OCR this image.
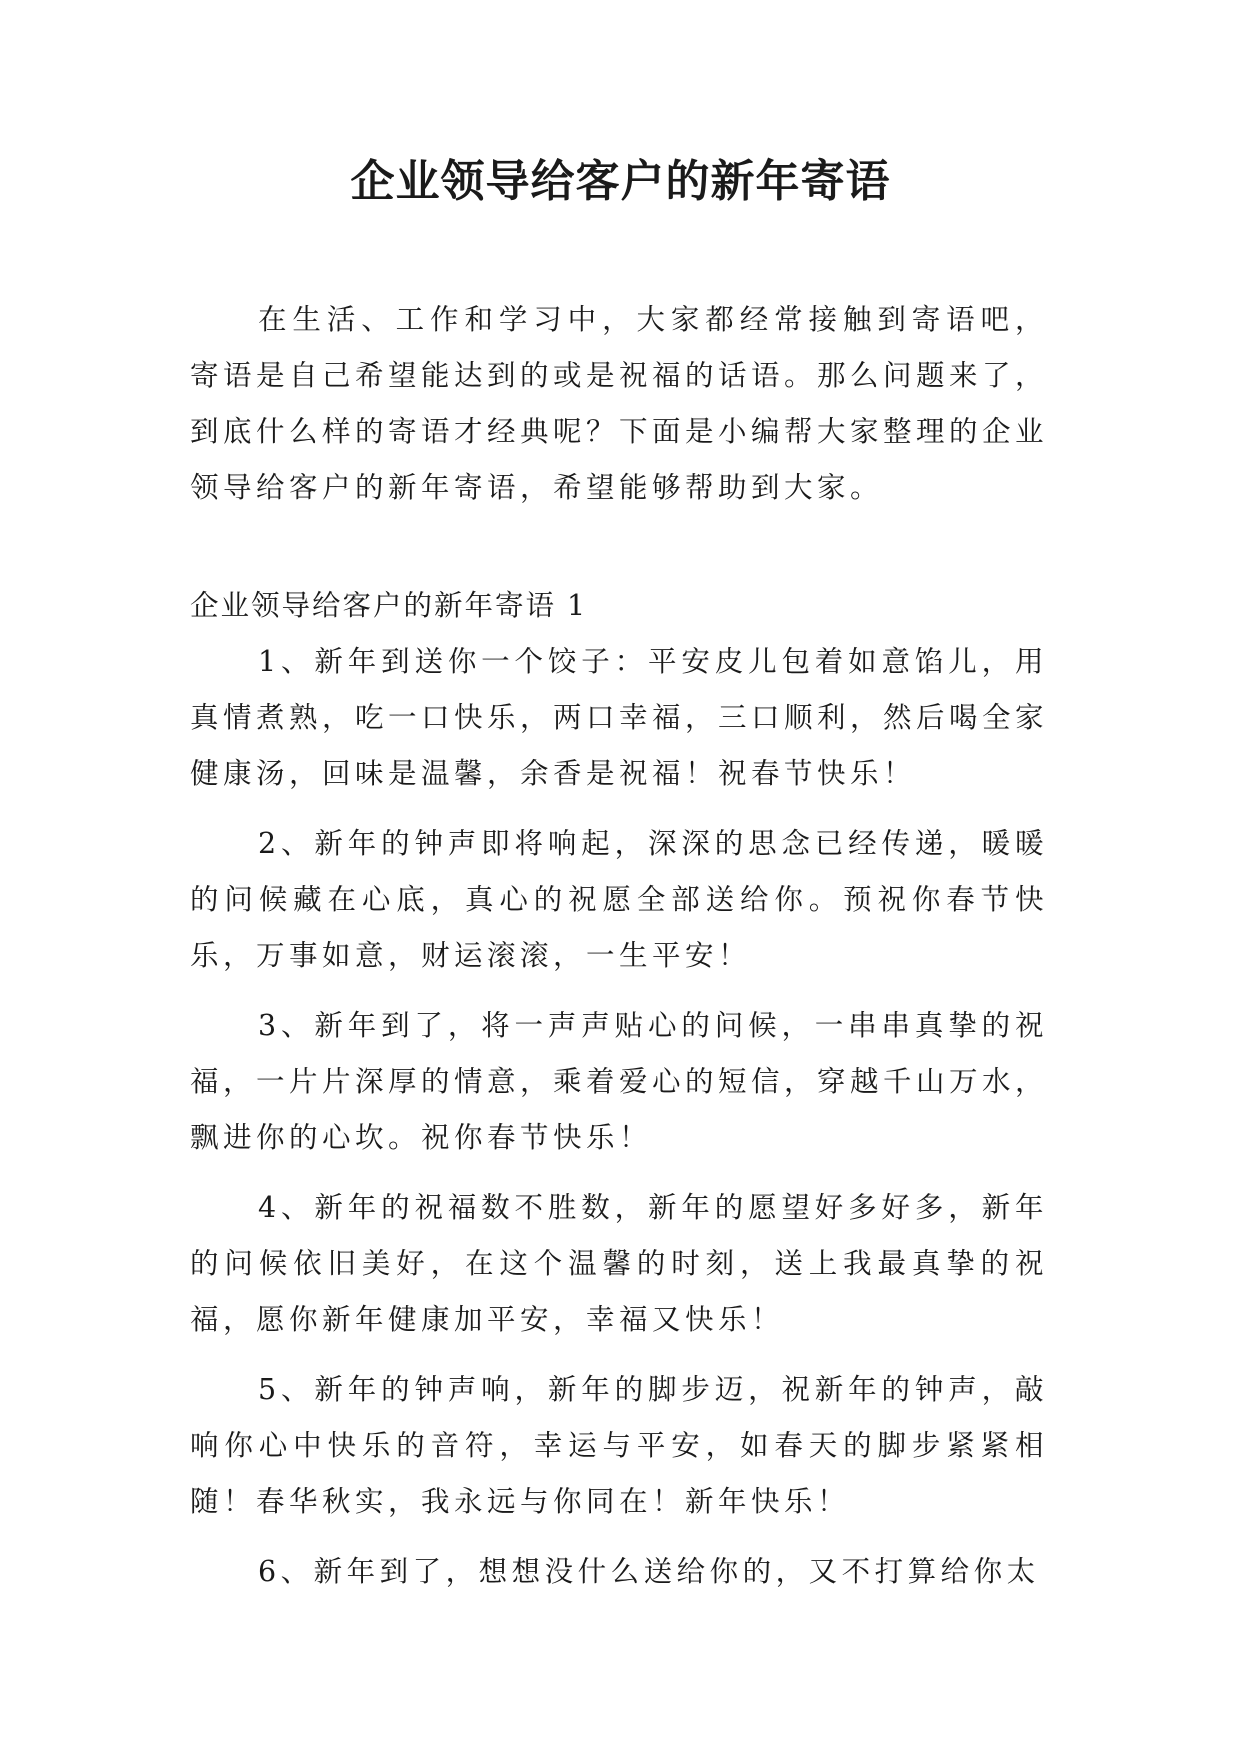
企业领导给客户的新年寄语

在生活、工作和学习中，大家都经常接触到寄语吧，寄语是自己希望能达到的或是祝福的话语。那么问题来了，到底什么样的寄语才经典呢？下面是小编帮大家整理的企业领导给客户的新年寄语，希望能够帮助到大家。

企业领导给客户的新年寄语 1

1、新年到送你一个饺子：平安皮儿包着如意馅儿，用真情煮熟，吃一口快乐，两口幸福，三口顺利，然后喝全家健康汤，回味是温馨，余香是祝福！祝春节快乐！

2、新年的钟声即将响起，深深的思念已经传递，暖暖的问候藏在心底，真心的祝愿全部送给你。预祝你春节快乐，万事如意，财运滚滚，一生平安！

3、新年到了，将一声声贴心的问候，一串串真挚的祝福，一片片深厚的情意，乘着爱心的短信，穿越千山万水，飘进你的心坎。祝你春节快乐！

4、新年的祝福数不胜数，新年的愿望好多好多，新年的问候依旧美好，在这个温馨的时刻，送上我最真挚的祝福，愿你新年健康加平安，幸福又快乐！

5、新年的钟声响，新年的脚步迈，祝新年的钟声，敲响你心中快乐的音符，幸运与平安，如春天的脚步紧紧相随！春华秋实，我永远与你同在！新年快乐！

6、新年到了，想想没什么送给你的，又不打算给你太
